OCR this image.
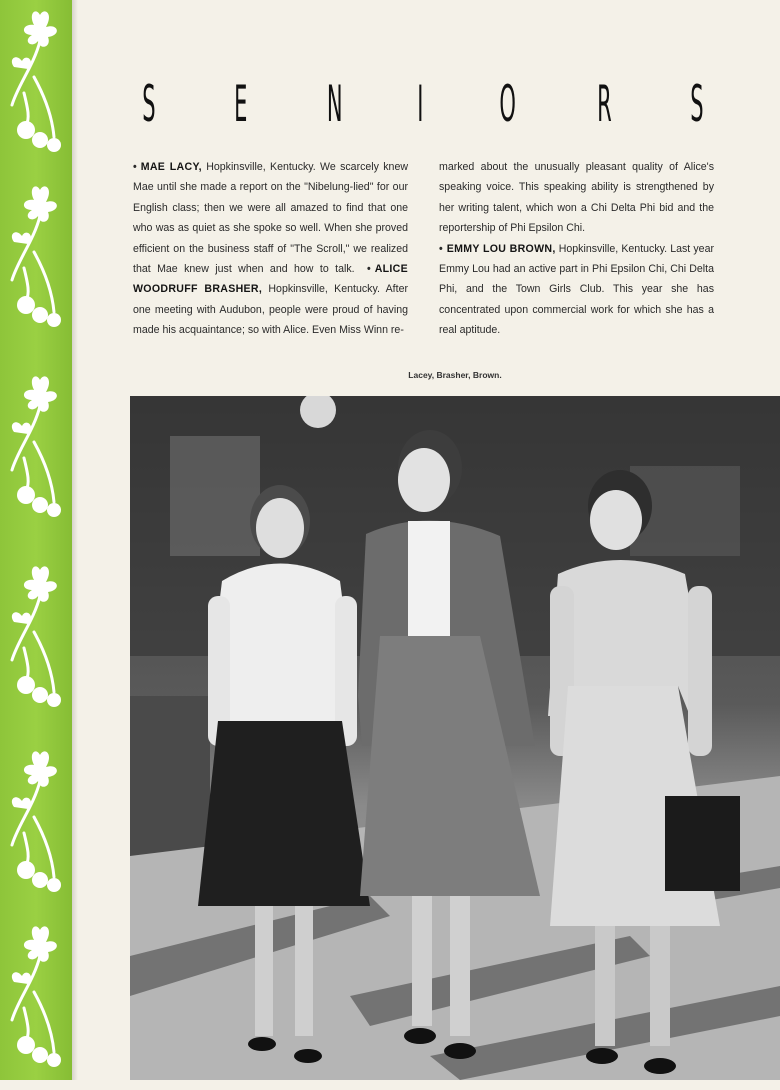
S E N I O R S
• MAE LACY, Hopkinsville, Kentucky. We scarcely knew Mae until she made a report on the "Nibelung-lied" for our English class; then we were all amazed to find that one who was as quiet as she spoke so well. When she proved efficient on the business staff of "The Scroll," we realized that Mae knew just when and how to talk. • ALICE WOODRUFF BRASHER, Hopkinsville, Kentucky. After one meeting with Audubon, people were proud of having made his acquaintance; so with Alice. Even Miss Winn re-
marked about the unusually pleasant quality of Alice's speaking voice. This speaking ability is strengthened by her writing talent, which won a Chi Delta Phi bid and the reportership of Phi Epsilon Chi.
• EMMY LOU BROWN, Hopkinsville, Kentucky. Last year Emmy Lou had an active part in Phi Epsilon Chi, Chi Delta Phi, and the Town Girls Club. This year she has concentrated upon commercial work for which she has a real aptitude.
Lacey, Brasher, Brown.
